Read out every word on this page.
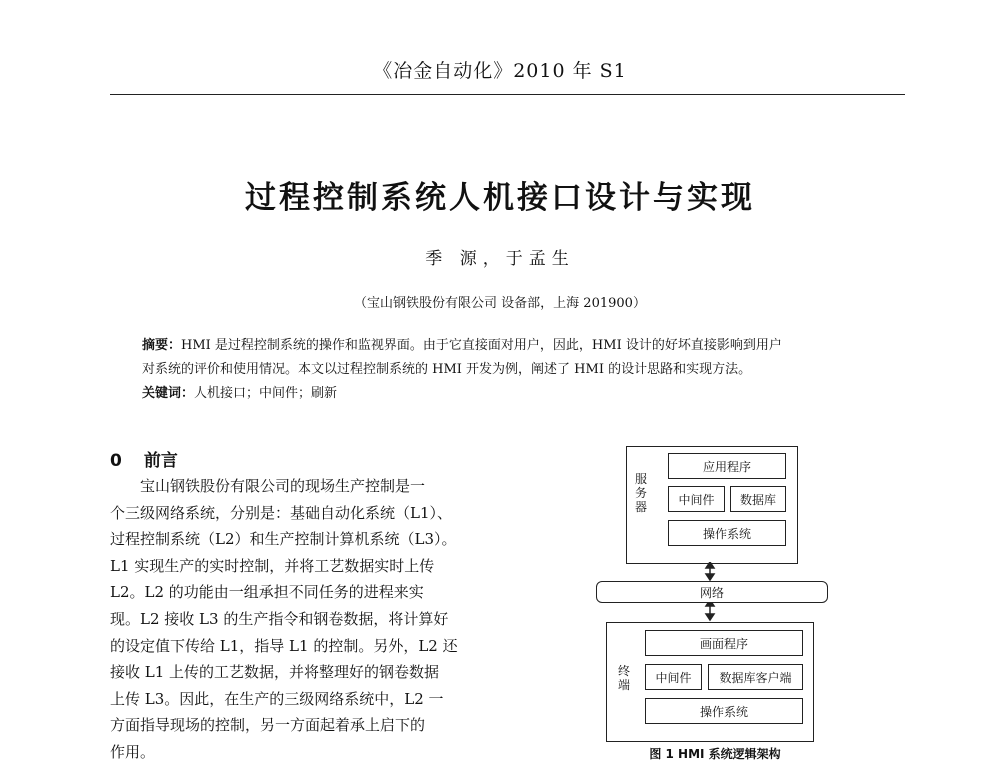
《冶金自动化》2010 年 S1
过程控制系统人机接口设计与实现
季 源，于孟生
（宝山钢铁股份有限公司 设备部，上海 201900）
摘要：HMI 是过程控制系统的操作和监视界面。由于它直接面对用户，因此，HMI 设计的好坏直接影响到用户
对系统的评价和使用情况。本文以过程控制系统的 HMI 开发为例，阐述了 HMI 的设计思路和实现方法。
关键词：人机接口；中间件；刷新
0 前言

宝山钢铁股份有限公司的现场生产控制是一

个三级网络系统，分别是：基础自动化系统（L1）、
过程控制系统（L2）和生产控制计算机系统（L3）。
L1 实现生产的实时控制，并将工艺数据实时上传
L2。L2 的功能由一组承担不同任务的进程来实
现。L2 接收 L3 的生产指令和钢卷数据，将计算好
的设定值下传给 L1，指导 L1 的控制。另外，L2 还
接收 L1 上传的工艺数据，并将整理好的钢卷数据
上传 L3。因此，在生产的三级网络系统中，L2 一
方面指导现场的控制，另一方面起着承上启下的
作用。
服务器
应用程序
中间件	数据库
操作系统
网络
终端
画面程序
中间件	数据库客户端
操作系统
图 1 HMI 系统逻辑架构
